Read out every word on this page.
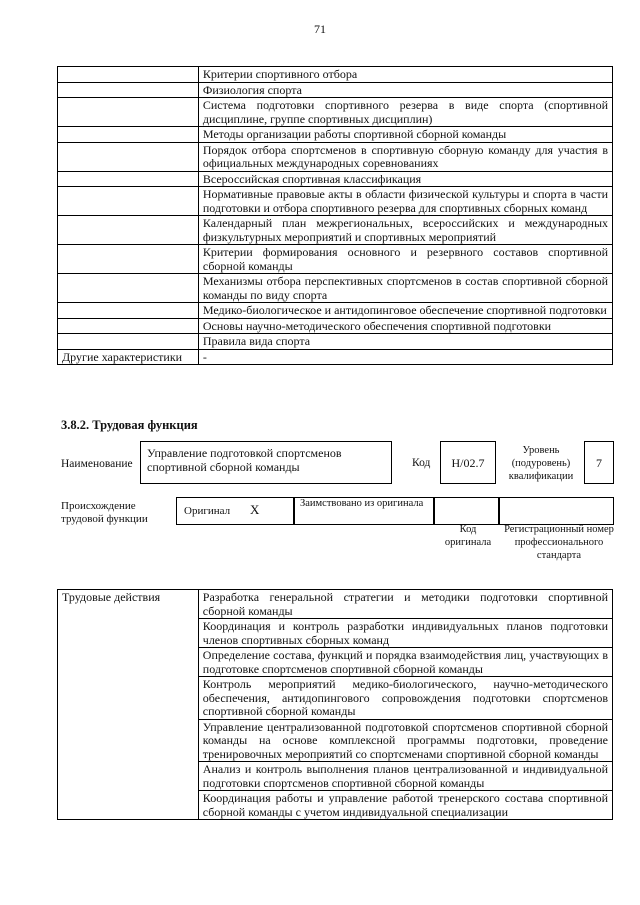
71
	Критерии спортивного отбора
	Физиология спорта
	Система подготовки спортивного резерва в виде спорта (спортивной дисциплине, группе спортивных дисциплин)
	Методы организации работы спортивной сборной команды
	Порядок отбора спортсменов в спортивную сборную команду для участия в официальных международных соревнованиях
	Всероссийская спортивная классификация
	Нормативные правовые акты в области физической культуры и спорта в части подготовки и отбора спортивного резерва для спортивных сборных команд
	Календарный план межрегиональных, всероссийских и международных физкультурных мероприятий и спортивных мероприятий
	Критерии формирования основного и резервного составов спортивной сборной команды
	Механизмы отбора перспективных спортсменов в состав спортивной сборной команды по виду спорта
	Медико-биологическое и антидопинговое обеспечение спортивной подготовки
	Основы научно-методического обеспечения спортивной подготовки
	Правила вида спорта
Другие характеристики	-
3.8.2. Трудовая функция
Наименование
Управление подготовкой спортсменов спортивной сборной команды	Код	H/02.7
Уровень (подуровень) квалификации
7
Происхождение трудовой функции
Оригинал X	Заимствовано из оригинала
Код оригинала
Регистрационный номер профессионального стандарта
Трудовые действия	Разработка генеральной стратегии и методики подготовки спортивной сборной команды
Координация и контроль разработки индивидуальных планов подготовки членов спортивных сборных команд
Определение состава, функций и порядка взаимодействия лиц, участвующих в подготовке спортсменов спортивной сборной команды
Контроль мероприятий медико-биологического, научно-методического обеспечения, антидопингового сопровождения подготовки спортсменов спортивной сборной команды
Управление централизованной подготовкой спортсменов спортивной сборной команды на основе комплексной программы подготовки, проведение тренировочных мероприятий со спортсменами спортивной сборной команды
Анализ и контроль выполнения планов централизованной и индивидуальной подготовки спортсменов спортивной сборной команды
Координация работы и управление работой тренерского состава спортивной сборной команды с учетом индивидуальной специализации
